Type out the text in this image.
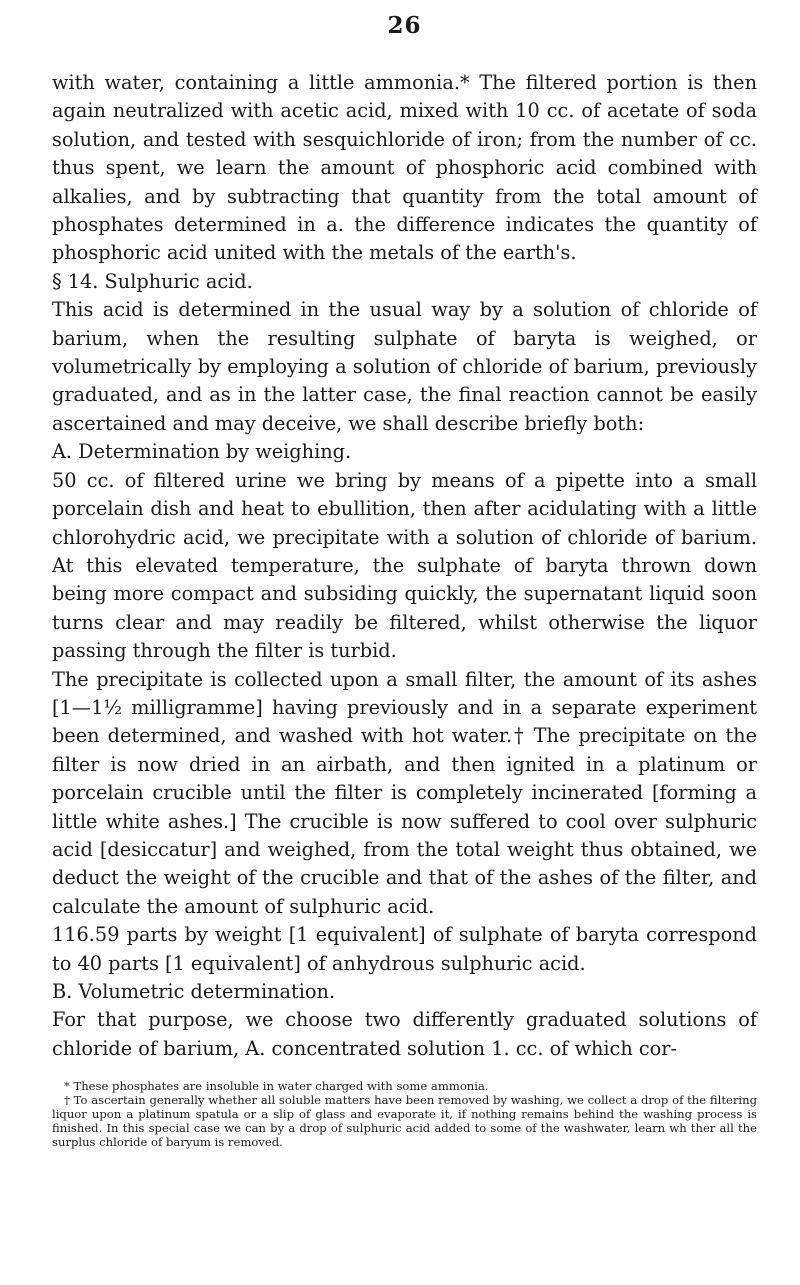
26

with water, containing a little ammonia.* The filtered portion is then again neutralized with acetic acid, mixed with 10 cc. of acetate of soda solution, and tested with sesquichloride of iron; from the number of cc. thus spent, we learn the amount of phosphoric acid combined with alkalies, and by subtracting that quantity from the total amount of phosphates determined in a. the difference indicates the quantity of phosphoric acid united with the metals of the earth's.

§ 14. Sulphuric acid.

This acid is determined in the usual way by a solution of chloride of barium, when the resulting sulphate of baryta is weighed, or volumetrically by employing a solution of chloride of barium, previously graduated, and as in the latter case, the final reaction cannot be easily ascertained and may deceive, we shall describe briefly both:

A. Determination by weighing.

50 cc. of filtered urine we bring by means of a pipette into a small porcelain dish and heat to ebullition, then after acidulating with a little chlorohydric acid, we precipitate with a solution of chloride of barium. At this elevated temperature, the sulphate of baryta thrown down being more compact and subsiding quickly, the supernatant liquid soon turns clear and may readily be filtered, whilst otherwise the liquor passing through the filter is turbid.

The precipitate is collected upon a small filter, the amount of its ashes [1—1½ milligramme] having previously and in a separate experiment been determined, and washed with hot water.† The precipitate on the filter is now dried in an airbath, and then ignited in a platinum or porcelain crucible until the filter is completely incinerated [forming a little white ashes.] The crucible is now suffered to cool over sulphuric acid [desiccatur] and weighed, from the total weight thus obtained, we deduct the weight of the crucible and that of the ashes of the filter, and calculate the amount of sulphuric acid.

116.59 parts by weight [1 equivalent] of sulphate of baryta correspond to 40 parts [1 equivalent] of anhydrous sulphuric acid.

B. Volumetric determination.

For that purpose, we choose two differently graduated solutions of chloride of barium, A. concentrated solution 1. cc. of which cor-

* These phosphates are insoluble in water charged with some ammonia.

† To ascertain generally whether all soluble matters have been removed by washing, we collect a drop of the filtering liquor upon a platinum spatula or a slip of glass and evaporate it, if nothing remains behind the washing process is finished. In this special case we can by a drop of sulphuric acid added to some of the washwater, learn wh ther all the surplus chloride of baryum is removed.
